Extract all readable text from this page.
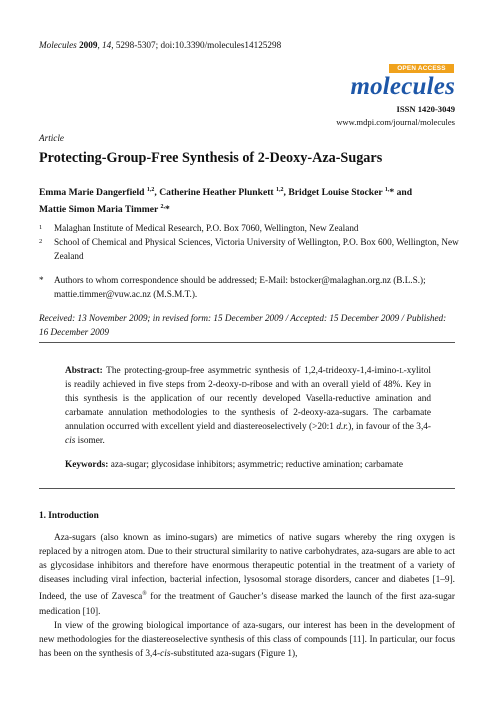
Molecules 2009, 14, 5298-5307; doi:10.3390/molecules14125298
OPEN ACCESS
molecules
ISSN 1420-3049
www.mdpi.com/journal/molecules
Article
Protecting-Group-Free Synthesis of 2-Deoxy-Aza-Sugars
Emma Marie Dangerfield $^{1,2}$, Catherine Heather Plunkett $^{1,2}$, Bridget Louise Stocker $^{1,}$* and
Mattie Simon Maria Timmer $^{2,}$*
1 Malaghan Institute of Medical Research, P.O. Box 7060, Wellington, New Zealand
2 School of Chemical and Physical Sciences, Victoria University of Wellington, P.O. Box 600, Wellington, New Zealand
* Authors to whom correspondence should be addressed; E-Mail: bstocker@malaghan.org.nz (B.L.S.); mattie.timmer@vuw.ac.nz (M.S.M.T.).
Received: 13 November 2009; in revised form: 15 December 2009 / Accepted: 15 December 2009 / Published: 16 December 2009
Abstract: The protecting-group-free asymmetric synthesis of 1,2,4-trideoxy-1,4-imino-l-xylitol is readily achieved in five steps from 2-deoxy-d-ribose and with an overall yield of 48%. Key in this synthesis is the application of our recently developed Vasella-reductive amination and carbamate annulation methodologies to the synthesis of 2-deoxy-aza-sugars. The carbamate annulation occurred with excellent yield and diastereoselectively (>20:1 d.r.), in favour of the 3,4-cis isomer.
Keywords: aza-sugar; glycosidase inhibitors; asymmetric; reductive amination; carbamate
1. Introduction

Aza-sugars (also known as imino-sugars) are mimetics of native sugars whereby the ring oxygen is replaced by a nitrogen atom. Due to their structural similarity to native carbohydrates, aza-sugars are able to act as glycosidase inhibitors and therefore have enormous therapeutic potential in the treatment of a variety of diseases including viral infection, bacterial infection, lysosomal storage disorders, cancer and diabetes [1–9]. Indeed, the use of Zavesca® for the treatment of Gaucher’s disease marked the launch of the first aza-sugar medication [10].

In view of the growing biological importance of aza-sugars, our interest has been in the development of new methodologies for the diastereoselective synthesis of this class of compounds [11]. In particular, our focus has been on the synthesis of 3,4-cis-substituted aza-sugars (Figure 1),
